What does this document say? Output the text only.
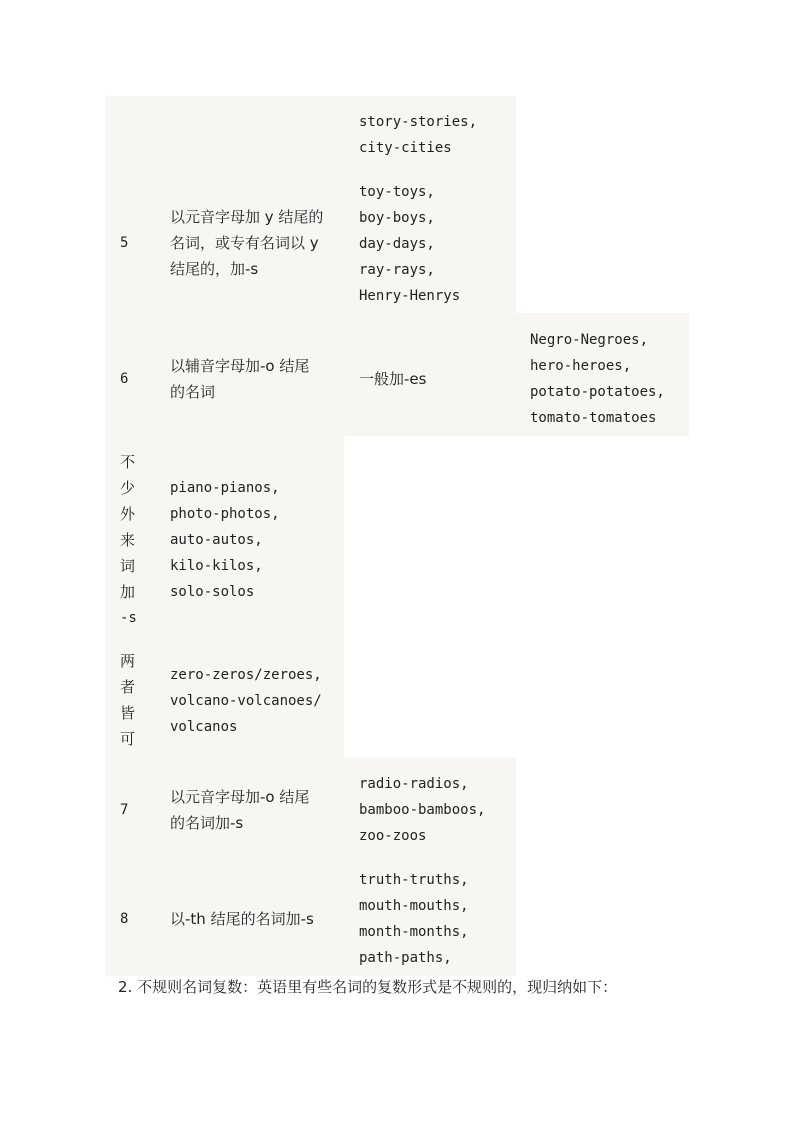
story-stories,
city-cities
5
以元音字母加 y 结尾的
名词，或专有名词以 y
结尾的，加-s
toy-toys,
boy-boys,
day-days,
ray-rays,
Henry-Henrys
6
以辅音字母加-o 结尾
的名词
一般加-es
Negro-Negroes,
hero-heroes,
potato-potatoes,
tomato-tomatoes
不
少
外
来
词
加
-s
piano-pianos,
photo-photos,
auto-autos,
kilo-kilos,
solo-solos
两
者
皆
可
zero-zeros/zeroes,
volcano-volcanoes/
volcanos
7
以元音字母加-o 结尾
的名词加-s
radio-radios,
bamboo-bamboos,
zoo-zoos
8	以-th 结尾的名词加-s
truth-truths,
mouth-mouths,
month-months,
path-paths,
2. 不规则名词复数：英语里有些名词的复数形式是不规则的，现归纳如下：
